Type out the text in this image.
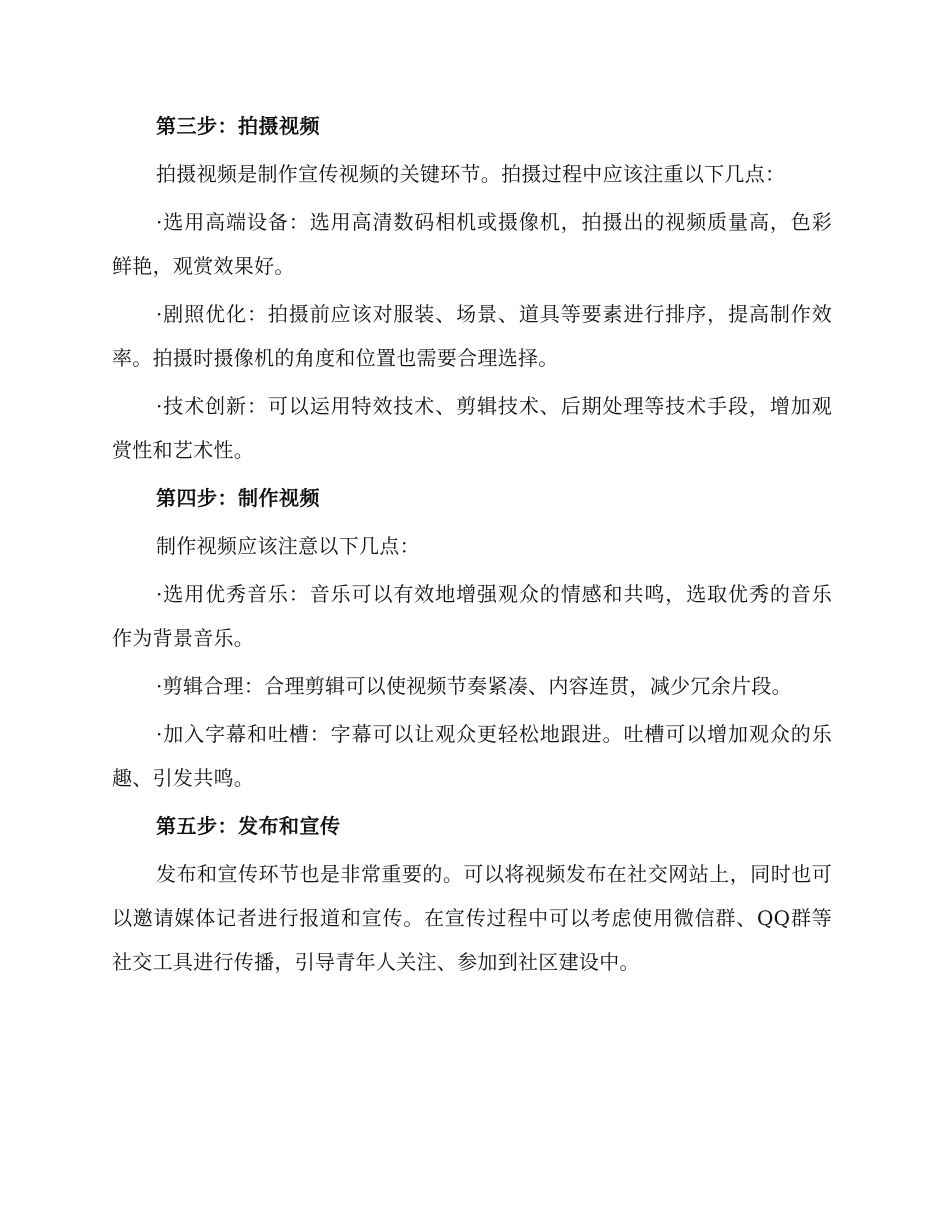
第三步：拍摄视频

拍摄视频是制作宣传视频的关键环节。拍摄过程中应该注重以下几点：

·选用高端设备：选用高清数码相机或摄像机，拍摄出的视频质量高，色彩鲜艳，观赏效果好。

·剧照优化：拍摄前应该对服装、场景、道具等要素进行排序，提高制作效率。拍摄时摄像机的角度和位置也需要合理选择。

·技术创新：可以运用特效技术、剪辑技术、后期处理等技术手段，增加观赏性和艺术性。

第四步：制作视频

制作视频应该注意以下几点：

·选用优秀音乐：音乐可以有效地增强观众的情感和共鸣，选取优秀的音乐作为背景音乐。

·剪辑合理：合理剪辑可以使视频节奏紧凑、内容连贯，减少冗余片段。

·加入字幕和吐槽：字幕可以让观众更轻松地跟进。吐槽可以增加观众的乐趣、引发共鸣。

第五步：发布和宣传

发布和宣传环节也是非常重要的。可以将视频发布在社交网站上，同时也可以邀请媒体记者进行报道和宣传。在宣传过程中可以考虑使用微信群、QQ群等社交工具进行传播，引导青年人关注、参加到社区建设中。
